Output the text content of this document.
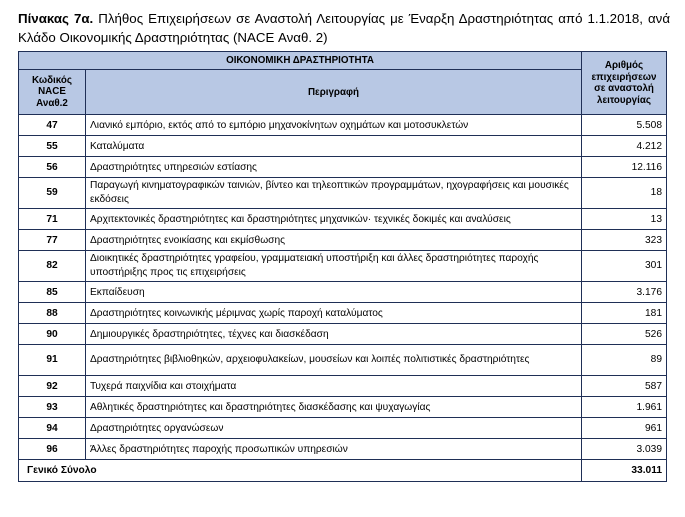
Πίνακας 7α. Πλήθος Επιχειρήσεων σε Αναστολή Λειτουργίας με Έναρξη Δραστηριότητας από 1.1.2018, ανά Κλάδο Οικονομικής Δραστηριότητας (NACE Αναθ. 2)
ΟΙΚΟΝΟΜΙΚΗ ΔΡΑΣΤΗΡΙΟΤΗΤΑ		Αριθμός επιχειρήσεων σε αναστολή λειτουργίας
Κωδικός NACE Αναθ.2	Περιγραφή	
47	Λιανικό εμπόριο, εκτός από το εμπόριο μηχανοκίνητων οχημάτων και μοτοσυκλετών	5.508
55	Καταλύματα	4.212
56	Δραστηριότητες υπηρεσιών εστίασης	12.116
59	Παραγωγή κινηματογραφικών ταινιών, βίντεο και τηλεοπτικών προγραμμάτων, ηχογραφήσεις και μουσικές εκδόσεις	18
71	Αρχιτεκτονικές δραστηριότητες και δραστηριότητες μηχανικών· τεχνικές δοκιμές και αναλύσεις	13
77	Δραστηριότητες ενοικίασης και εκμίσθωσης	323
82	Διοικητικές δραστηριότητες γραφείου, γραμματειακή υποστήριξη και άλλες δραστηριότητες παροχής υποστήριξης προς τις επιχειρήσεις	301
85	Εκπαίδευση	3.176
88	Δραστηριότητες κοινωνικής μέριμνας χωρίς παροχή καταλύματος	181
90	Δημιουργικές δραστηριότητες, τέχνες και διασκέδαση	526
91	Δραστηριότητες βιβλιοθηκών, αρχειοφυλακείων, μουσείων και λοιπές πολιτιστικές δραστηριότητες	89
92	Τυχερά παιχνίδια και στοιχήματα	587
93	Αθλητικές δραστηριότητες και δραστηριότητες διασκέδασης και ψυχαγωγίας	1.961
94	Δραστηριότητες οργανώσεων	961
96	Άλλες δραστηριότητες παροχής προσωπικών υπηρεσιών	3.039
Γενικό Σύνολο		33.011
